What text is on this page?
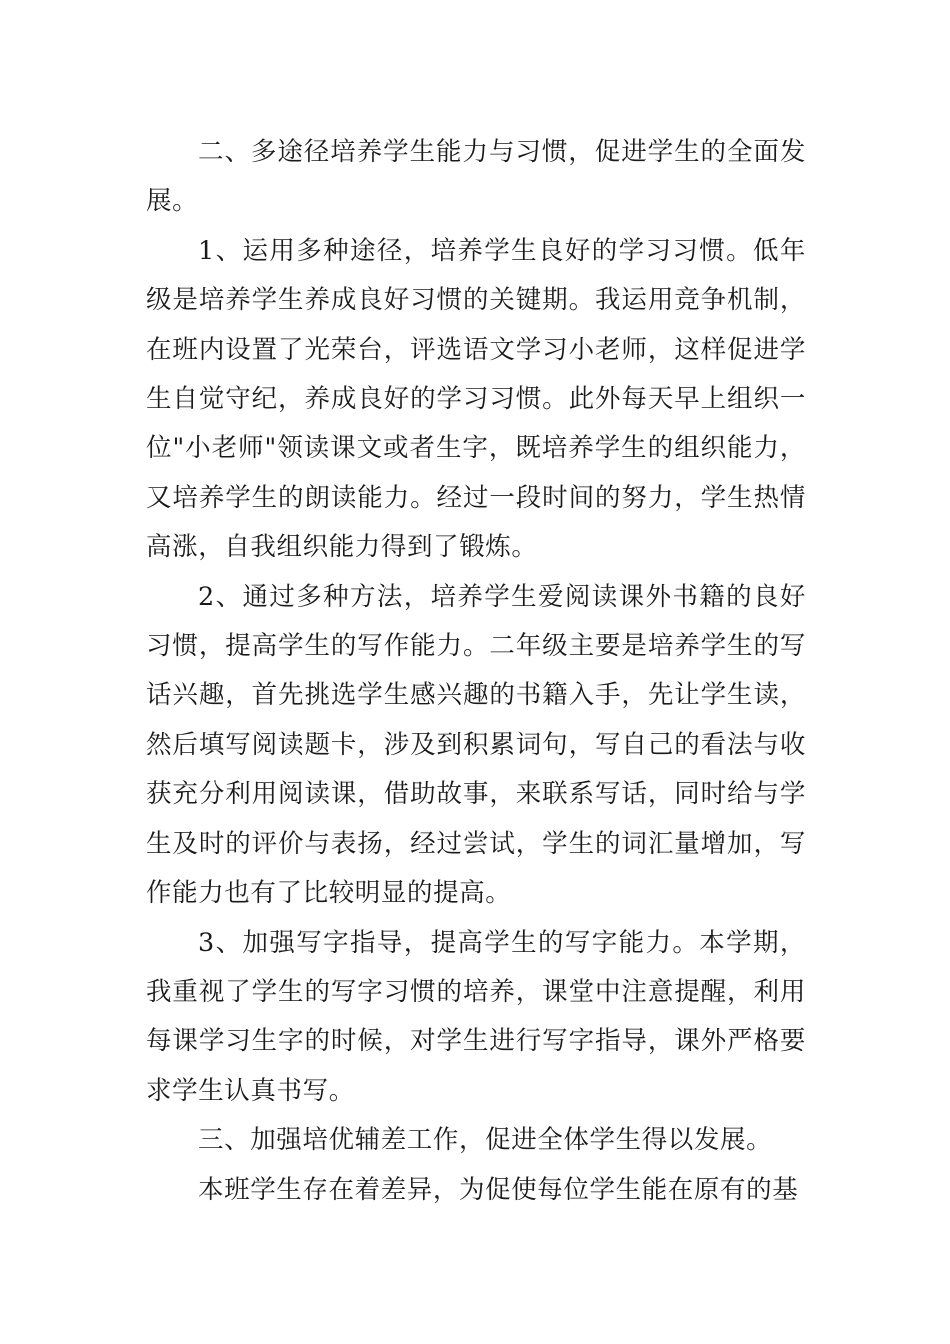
二、多途径培养学生能力与习惯，促进学生的全面发展。

1、运用多种途径，培养学生良好的学习习惯。低年级是培养学生养成良好习惯的关键期。我运用竞争机制，在班内设置了光荣台，评选语文学习小老师，这样促进学生自觉守纪，养成良好的学习习惯。此外每天早上组织一位"小老师"领读课文或者生字，既培养学生的组织能力，又培养学生的朗读能力。经过一段时间的努力，学生热情高涨，自我组织能力得到了锻炼。

2、通过多种方法，培养学生爱阅读课外书籍的良好习惯，提高学生的写作能力。二年级主要是培养学生的写话兴趣，首先挑选学生感兴趣的书籍入手，先让学生读，然后填写阅读题卡，涉及到积累词句，写自己的看法与收获充分利用阅读课，借助故事，来联系写话，同时给与学生及时的评价与表扬，经过尝试，学生的词汇量增加，写作能力也有了比较明显的提高。

3、加强写字指导，提高学生的写字能力。本学期，我重视了学生的写字习惯的培养，课堂中注意提醒，利用每课学习生字的时候，对学生进行写字指导，课外严格要求学生认真书写。

三、加强培优辅差工作，促进全体学生得以发展。

本班学生存在着差异，为促使每位学生能在原有的基
